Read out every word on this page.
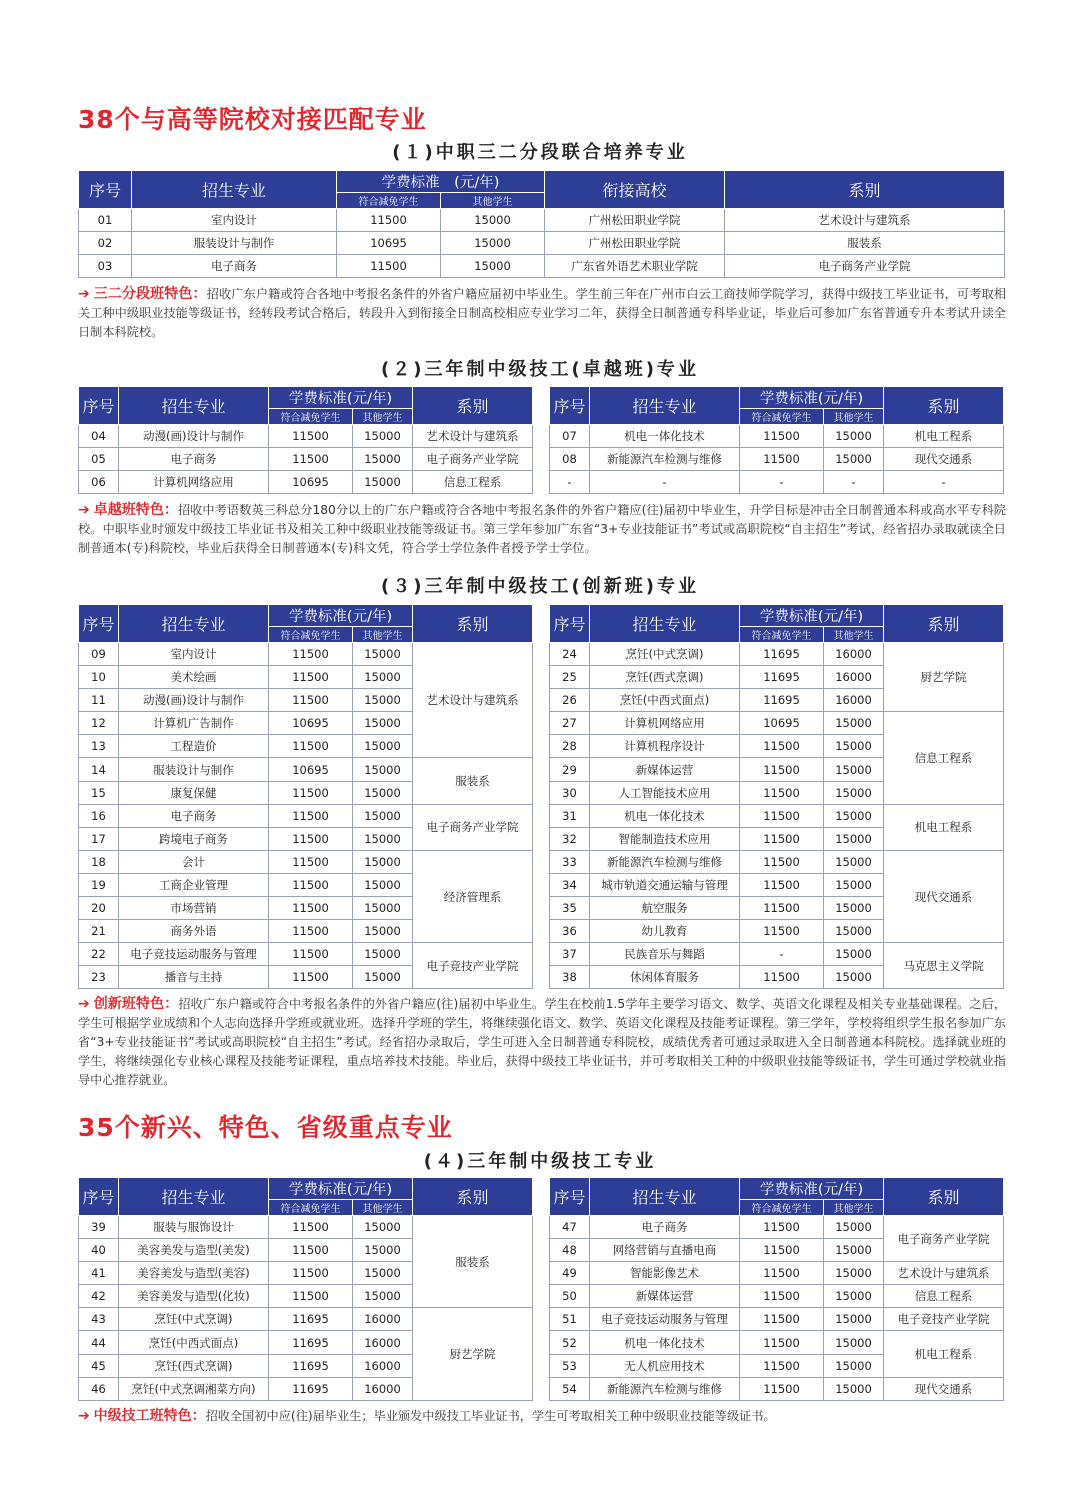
38个与高等院校对接匹配专业
(１)中职三二分段联合培养专业
序号	招生专业	学费标准　(元/年)		衔接高校	系别
		符合减免学生	其他学生		
01	室内设计	11500	15000	广州松田职业学院	艺术设计与建筑系
02	服装设计与制作	10695	15000	广州松田职业学院	服装系
03	电子商务	11500	15000	广东省外语艺术职业学院	电子商务产业学院
➔ 三二分段班特色：招收广东户籍或符合各地中考报名条件的外省户籍应届初中毕业生。学生前三年在广州市白云工商技师学院学习，获得中级技工毕业证书，可考取相关工种中级职业技能等级证书，经转段考试合格后，转段升入到衔接全日制高校相应专业学习二年，获得全日制普通专科毕业证，毕业后可参加广东省普通专升本考试升读全日制本科院校。
(２)三年制中级技工(卓越班)专业
序号	招生专业	学费标准(元/年)		系别
		符合减免学生	其他学生	
04	动漫(画)设计与制作	11500	15000	艺术设计与建筑系
05	电子商务	11500	15000	电子商务产业学院
06	计算机网络应用	10695	15000	信息工程系
序号	招生专业	学费标准(元/年)		系别
		符合减免学生	其他学生	
07	机电一体化技术	11500	15000	机电工程系
08	新能源汽车检测与维修	11500	15000	现代交通系
-	-	-	-	-
➔ 卓越班特色：招收中考语数英三科总分180分以上的广东户籍或符合各地中考报名条件的外省户籍应(往)届初中毕业生，升学目标是冲击全日制普通本科或高水平专科院校。中职毕业时颁发中级技工毕业证书及相关工种中级职业技能等级证书。第三学年参加广东省“3+专业技能证书”考试或高职院校“自主招生”考试，经省招办录取就读全日制普通本(专)科院校，毕业后获得全日制普通本(专)科文凭，符合学士学位条件者授予学士学位。
(３)三年制中级技工(创新班)专业
序号	招生专业	学费标准(元/年)		系别
		符合减免学生	其他学生	
09	室内设计	11500	15000	艺术设计与建筑系
10	美术绘画	11500	15000	
11	动漫(画)设计与制作	11500	15000	
12	计算机广告制作	10695	15000	
13	工程造价	11500	15000	
14	服装设计与制作	10695	15000	服装系
15	康复保健	11500	15000	
16	电子商务	11500	15000	电子商务产业学院
17	跨境电子商务	11500	15000	
18	会计	11500	15000	经济管理系
19	工商企业管理	11500	15000	
20	市场营销	11500	15000	
21	商务外语	11500	15000	
22	电子竞技运动服务与管理	11500	15000	电子竞技产业学院
23	播音与主持	11500	15000	
序号	招生专业	学费标准(元/年)		系别
		符合减免学生	其他学生	
24	烹饪(中式烹调)	11695	16000	厨艺学院
25	烹饪(西式烹调)	11695	16000	
26	烹饪(中西式面点)	11695	16000	
27	计算机网络应用	10695	15000	信息工程系
28	计算机程序设计	11500	15000	
29	新媒体运营	11500	15000	
30	人工智能技术应用	11500	15000	
31	机电一体化技术	11500	15000	机电工程系
32	智能制造技术应用	11500	15000	
33	新能源汽车检测与维修	11500	15000	现代交通系
34	城市轨道交通运输与管理	11500	15000	
35	航空服务	11500	15000	
36	幼儿教育	11500	15000	
37	民族音乐与舞蹈	-	15000	马克思主义学院
38	休闲体育服务	11500	15000	
➔ 创新班特色：招收广东户籍或符合中考报名条件的外省户籍应(往)届初中毕业生。学生在校前1.5学年主要学习语文、数学、英语文化课程及相关专业基础课程。之后，学生可根据学业成绩和个人志向选择升学班或就业班。选择升学班的学生，将继续强化语文、数学、英语文化课程及技能考证课程。第三学年，学校将组织学生报名参加广东省“3+专业技能证书”考试或高职院校“自主招生”考试。经省招办录取后，学生可进入全日制普通专科院校，成绩优秀者可通过录取进入全日制普通本科院校。选择就业班的学生，将继续强化专业核心课程及技能考证课程，重点培养技术技能。毕业后，获得中级技工毕业证书，并可考取相关工种的中级职业技能等级证书，学生可通过学校就业指导中心推荐就业。
35个新兴、特色、省级重点专业
(４)三年制中级技工专业
序号	招生专业	学费标准(元/年)		系别
		符合减免学生	其他学生	
39	服装与服饰设计	11500	15000	服装系
40	美容美发与造型(美发)	11500	15000	
41	美容美发与造型(美容)	11500	15000	
42	美容美发与造型(化妆)	11500	15000	
43	烹饪(中式烹调)	11695	16000	厨艺学院
44	烹饪(中西式面点)	11695	16000	
45	烹饪(西式烹调)	11695	16000	
46	烹饪(中式烹调湘菜方向)	11695	16000	
序号	招生专业	学费标准(元/年)		系别
		符合减免学生	其他学生	
47	电子商务	11500	15000	电子商务产业学院
48	网络营销与直播电商	11500	15000	
49	智能影像艺术	11500	15000	艺术设计与建筑系
50	新媒体运营	11500	15000	信息工程系
51	电子竞技运动服务与管理	11500	15000	电子竞技产业学院
52	机电一体化技术	11500	15000	机电工程系
53	无人机应用技术	11500	15000	
54	新能源汽车检测与维修	11500	15000	现代交通系
➔ 中级技工班特色：招收全国初中应(往)届毕业生；毕业颁发中级技工毕业证书，学生可考取相关工种中级职业技能等级证书。
